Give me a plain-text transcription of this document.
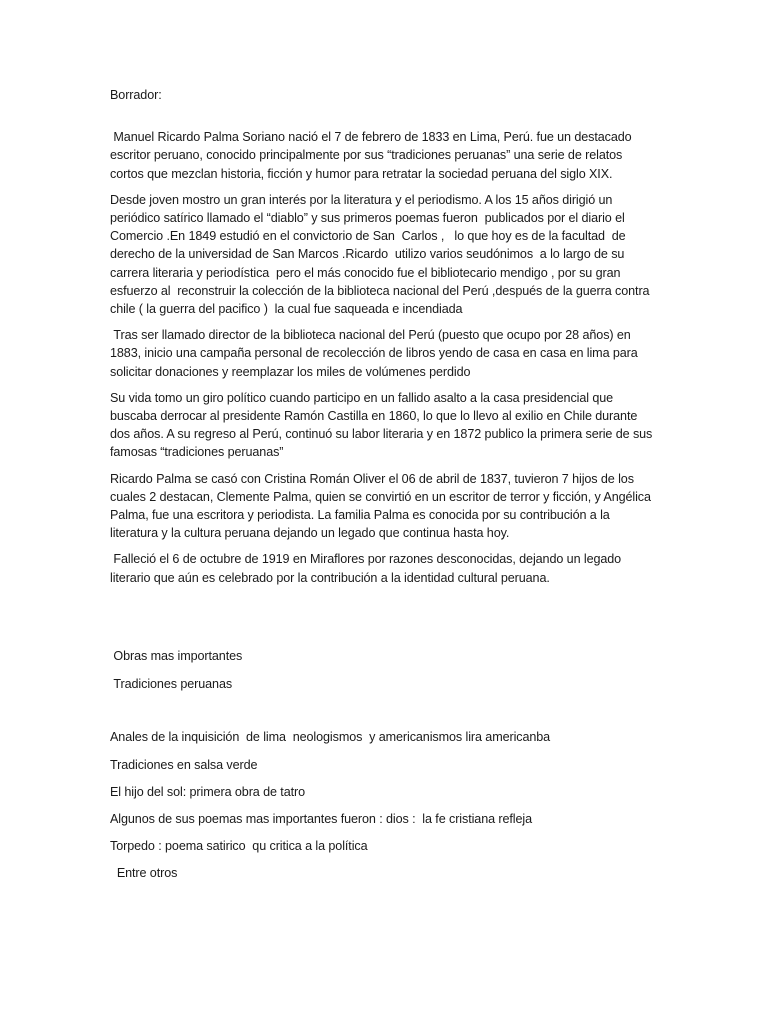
Borrador:

Manuel Ricardo Palma Soriano nació el 7 de febrero de 1833 en Lima, Perú. fue un destacado escritor peruano, conocido principalmente por sus “tradiciones peruanas” una serie de relatos cortos que mezclan historia, ficción y humor para retratar la sociedad peruana del siglo XIX.

Desde joven mostro un gran interés por la literatura y el periodismo. A los 15 años dirigió un periódico satírico llamado el “diablo” y sus primeros poemas fueron  publicados por el diario el Comercio .En 1849 estudió en el convictorio de San  Carlos ,   lo que hoy es de la facultad  de derecho de la universidad de San Marcos .Ricardo  utilizo varios seudónimos  a lo largo de su carrera literaria y periodística  pero el más conocido fue el bibliotecario mendigo , por su gran esfuerzo al  reconstruir la colección de la biblioteca nacional del Perú ,después de la guerra contra chile ( la guerra del pacifico )  la cual fue saqueada e incendiada

Tras ser llamado director de la biblioteca nacional del Perú (puesto que ocupo por 28 años) en 1883, inicio una campaña personal de recolección de libros yendo de casa en casa en lima para solicitar donaciones y reemplazar los miles de volúmenes perdido

Su vida tomo un giro político cuando participo en un fallido asalto a la casa presidencial que buscaba derrocar al presidente Ramón Castilla en 1860, lo que lo llevo al exilio en Chile durante dos años. A su regreso al Perú, continuó su labor literaria y en 1872 publico la primera serie de sus famosas “tradiciones peruanas”

Ricardo Palma se casó con Cristina Román Oliver el 06 de abril de 1837, tuvieron 7 hijos de los cuales 2 destacan, Clemente Palma, quien se convirtió en un escritor de terror y ficción, y Angélica Palma, fue una escritora y periodista. La familia Palma es conocida por su contribución a la literatura y la cultura peruana dejando un legado que continua hasta hoy.

Falleció el 6 de octubre de 1919 en Miraflores por razones desconocidas, dejando un legado literario que aún es celebrado por la contribución a la identidad cultural peruana.

Obras mas importantes

Tradiciones peruanas

Anales de la inquisición  de lima  neologismos  y americanismos lira americanba

Tradiciones en salsa verde

El hijo del sol: primera obra de tatro

Algunos de sus poemas mas importantes fueron : dios :  la fe cristiana refleja

Torpedo : poema satirico  qu critica a la política

Entre otros
